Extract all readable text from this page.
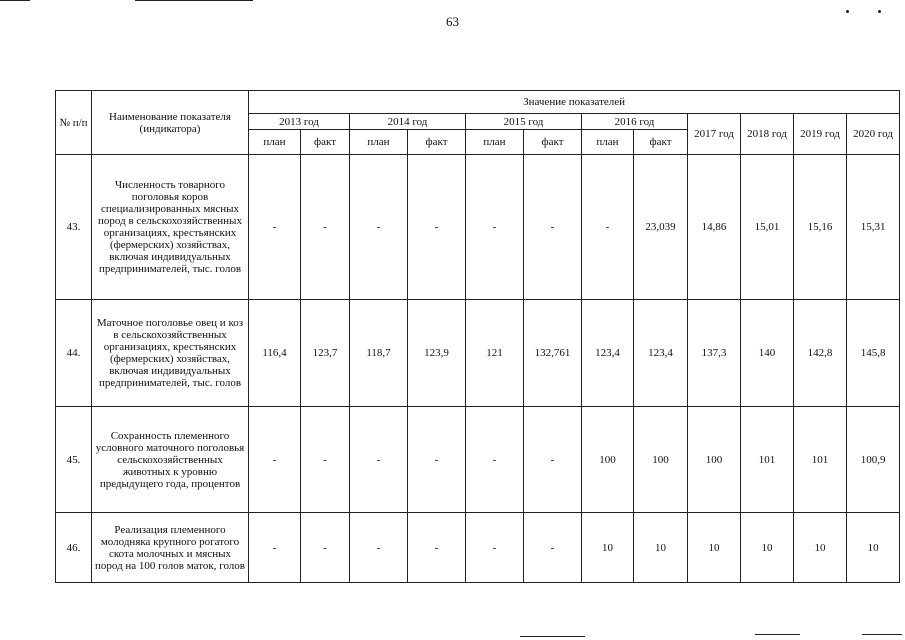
63
№ п/п	Наименование показателя (индикатора)	Значение показателей											
		2013 год		2014 год		2015 год		2016 год		2017 год	2018 год	2019 год	2020 год
		план	факт	план	факт	план	факт	план	факт				
43.	Численность товарного поголовья коров специализированных мясных пород в сельскохозяйственных организациях, крестьянских (фермерских) хозяйствах, включая индивидуальных предпринимателей, тыс. голов	-	-	-	-	-	-	-	23,039	14,86	15,01	15,16	15,31
44.	Маточное поголовье овец и коз в сельскохозяйственных организациях, крестьянских (фермерских) хозяйствах, включая индивидуальных предпринимателей, тыс. голов	116,4	123,7	118,7	123,9	121	132,761	123,4	123,4	137,3	140	142,8	145,8
45.	Сохранность племенного условного маточного поголовья сельскохозяйственных животных к уровню предыдущего года, процентов	-	-	-	-	-	-	100	100	100	101	101	100,9
46.	Реализация племенного молодняка крупного рогатого скота молочных и мясных пород на 100 голов маток, голов	-	-	-	-	-	-	10	10	10	10	10	10
